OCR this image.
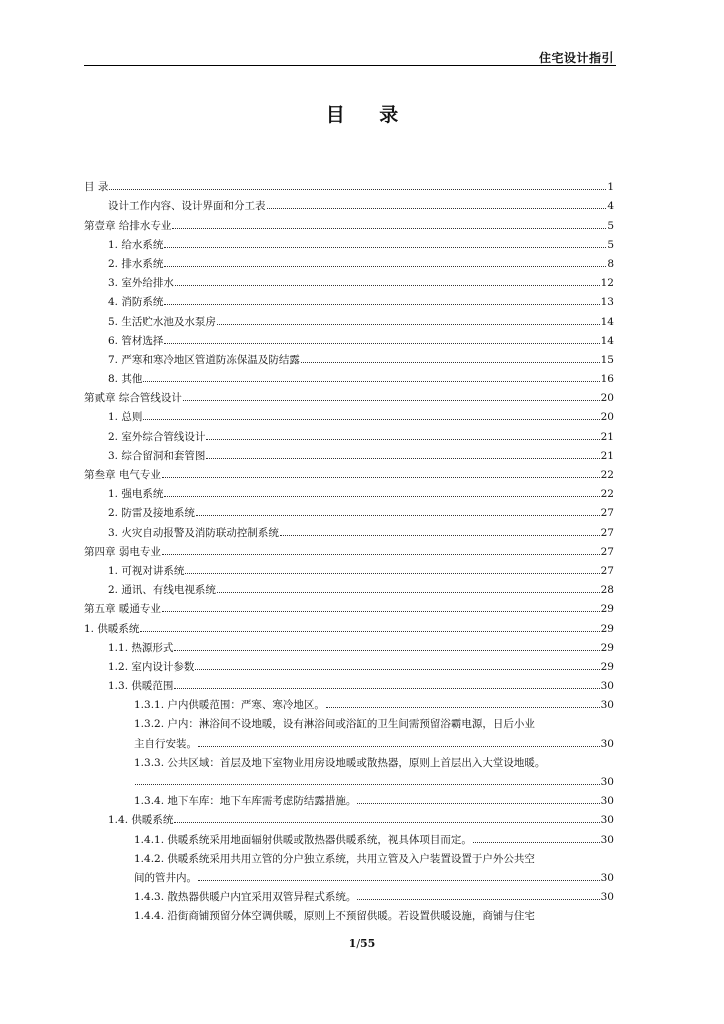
住宅设计指引
目 录
目 录	1
设计工作内容、设计界面和分工表	4
第壹章 给排水专业	5
1. 给水系统	5
2. 排水系统	8
3. 室外给排水	12
4. 消防系统	13
5. 生活贮水池及水泵房	14
6. 管材选择	14
7. 严寒和寒冷地区管道防冻保温及防结露	15
8. 其他	16
第贰章 综合管线设计	20
1. 总则	20
2. 室外综合管线设计	21
3. 综合留洞和套管图	21
第叁章 电气专业	22
1. 强电系统	22
2. 防雷及接地系统	27
3. 火灾自动报警及消防联动控制系统	27
第四章 弱电专业	27
1. 可视对讲系统	27
2. 通讯、有线电视系统	28
第五章 暖通专业	29
1. 供暖系统	29
1.1. 热源形式	29
1.2. 室内设计参数	29
1.3. 供暖范围	30
1.3.1. 户内供暖范围：严寒、寒冷地区。	30
1.3.2. 户内：淋浴间不设地暖，设有淋浴间或浴缸的卫生间需预留浴霸电源，日后小业
主自行安装。	30
1.3.3. 公共区域：首层及地下室物业用房设地暖或散热器，原则上首层出入大堂设地暖。
30
1.3.4. 地下车库：地下车库需考虑防结露措施。	30
1.4. 供暖系统	30
1.4.1. 供暖系统采用地面辐射供暖或散热器供暖系统，视具体项目而定。	30
1.4.2. 供暖系统采用共用立管的分户独立系统，共用立管及入户装置设置于户外公共空
间的管井内。	30
1.4.3. 散热器供暖户内宜采用双管异程式系统。	30
1.4.4. 沿街商铺预留分体空调供暖，原则上不预留供暖。若设置供暖设施，商铺与住宅
1/55
